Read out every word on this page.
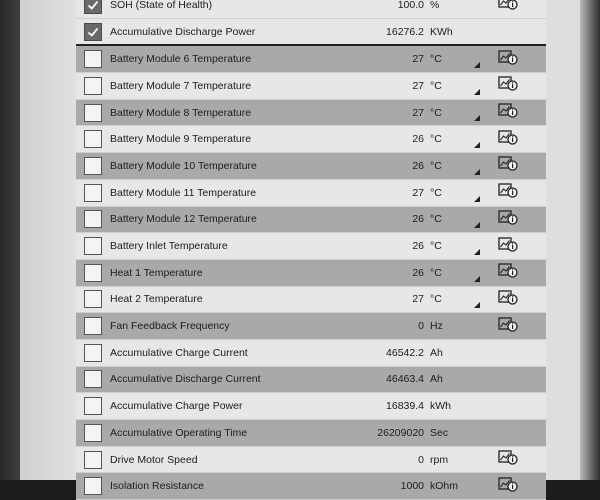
SOH (State of Health)	100.0 %
Accumulative Discharge Power	16276.2 KWh
Battery Module 6 Temperature	27 °C
Battery Module 7 Temperature	27 °C
Battery Module 8 Temperature	27 °C
Battery Module 9 Temperature	26 °C
Battery Module 10 Temperature	26 °C
Battery Module 11 Temperature	27 °C
Battery Module 12 Temperature	26 °C
Battery Inlet Temperature	26 °C
Heat 1 Temperature	26 °C
Heat 2 Temperature	27 °C
Fan Feedback Frequency	0 Hz
Accumulative Charge Current	46542.2 Ah
Accumulative Discharge Current	46463.4 Ah
Accumulative Charge Power	16839.4 kWh
Accumulative Operating Time	26209020 Sec
Drive Motor Speed	0 rpm
Isolation Resistance	1000 kOhm
